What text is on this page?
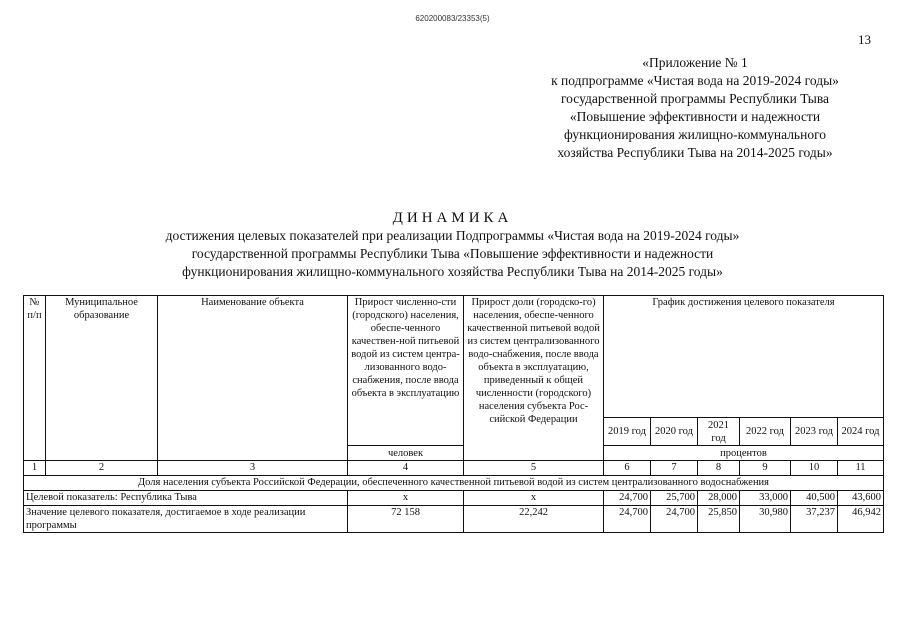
620200083/23353(5)
13
«Приложение № 1
к подпрограмме «Чистая вода на 2019-2024 годы»
государственной программы Республики Тыва
«Повышение эффективности и надежности
функционирования жилищно-коммунального
хозяйства Республики Тыва на 2014-2025 годы»
ДИНАМИКА
достижения целевых показателей при реализации Подпрограммы «Чистая вода на 2019-2024 годы»
государственной программы Республики Тыва «Повышение эффективности и надежности
функционирования жилищно-коммунального хозяйства Республики Тыва на 2014-2025 годы»
№ п/п	Муниципальное образование	Наименование объекта	Прирост численно-сти (городского) населения, обеспе-ченного качествен-ной питьевой водой из систем центра-лизованного водо-снабжения, после ввода объекта в эксплуатацию	Прирост доли (городско-го) населения, обеспе-ченного качественной питьевой водой из систем централизованного водо-снабжения, после ввода объекта в эксплуатацию, приведенный к общей численности (городского) населения субъекта Рос-сийской Федерации	График достижения целевого показателя					
					2019 год	2020 год	2021 год	2022 год	2023 год	2024 год
			человек		процентов					
1	2	3	4	5	6	7	8	9	10	11
Доля населения субъекта Российской Федерации, обеспеченного качественной питьевой водой из систем централизованного водоснабжения										
Целевой показатель: Республика Тыва			х	х	24,700	25,700	28,000	33,000	40,500	43,600
Значение целевого показателя, достигаемое в ходе реализации программы			72 158	22,242	24,700	24,700	25,850	30,980	37,237	46,942
